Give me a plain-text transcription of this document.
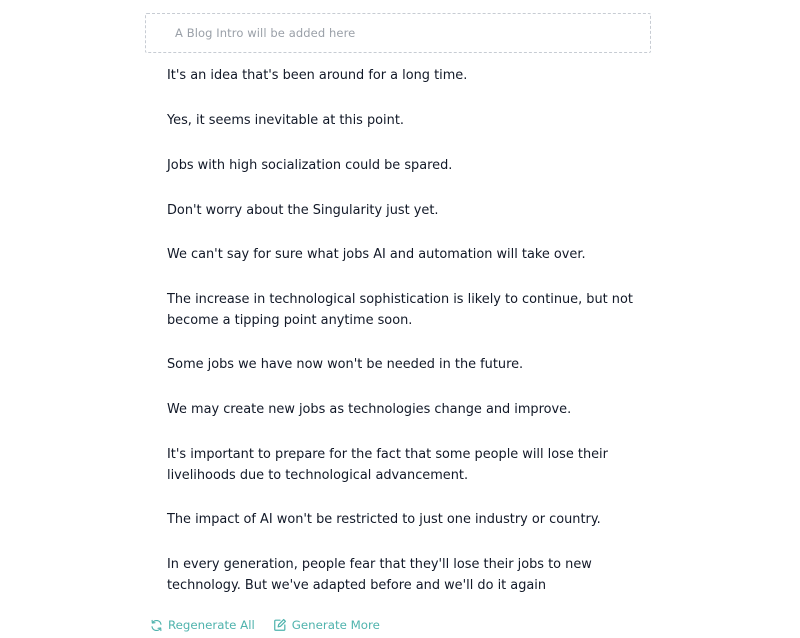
A Blog Intro will be added here

It's an idea that's been around for a long time.

Yes, it seems inevitable at this point.

Jobs with high socialization could be spared.

Don't worry about the Singularity just yet.

We can't say for sure what jobs AI and automation will take over.

The increase in technological sophistication is likely to continue, but not
become a tipping point anytime soon.

Some jobs we have now won't be needed in the future.

We may create new jobs as technologies change and improve.

It's important to prepare for the fact that some people will lose their
livelihoods due to technological advancement.

The impact of AI won't be restricted to just one industry or country.

In every generation, people fear that they'll lose their jobs to new
technology. But we've adapted before and we'll do it again

Regenerate All	Generate More
